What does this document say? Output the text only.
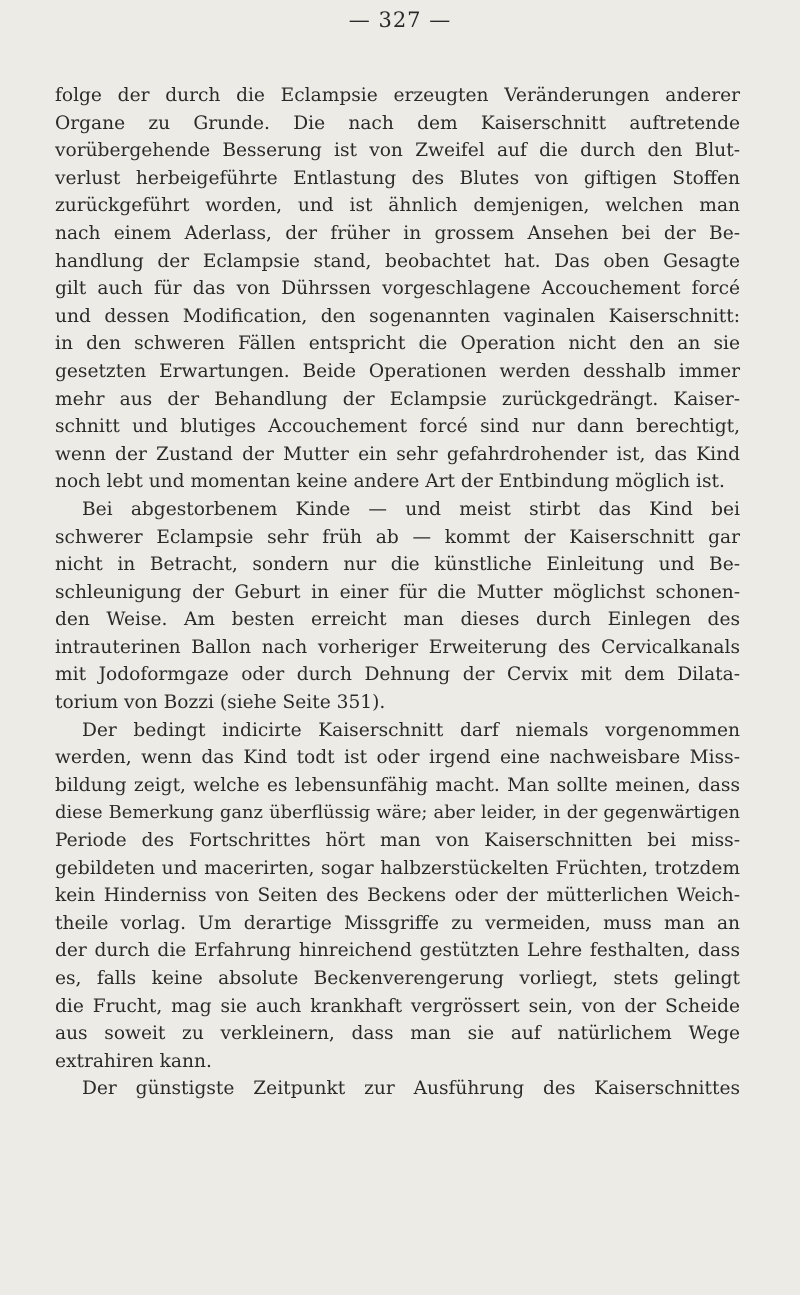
— 327 —
folge der durch die Eclampsie erzeugten Veränderungen anderer
Organe zu Grunde. Die nach dem Kaiserschnitt auftretende
vorübergehende Besserung ist von Zweifel auf die durch den Blut-
verlust herbeigeführte Entlastung des Blutes von giftigen Stoffen
zurückgeführt worden, und ist ähnlich demjenigen, welchen man
nach einem Aderlass, der früher in grossem Ansehen bei der Be-
handlung der Eclampsie stand, beobachtet hat. Das oben Gesagte
gilt auch für das von Dührssen vorgeschlagene Accouchement forcé
und dessen Modification, den sogenannten vaginalen Kaiserschnitt:
in den schweren Fällen entspricht die Operation nicht den an sie
gesetzten Erwartungen. Beide Operationen werden desshalb immer
mehr aus der Behandlung der Eclampsie zurückgedrängt. Kaiser-
schnitt und blutiges Accouchement forcé sind nur dann berechtigt,
wenn der Zustand der Mutter ein sehr gefahrdrohender ist, das Kind
noch lebt und momentan keine andere Art der Entbindung möglich ist.
Bei abgestorbenem Kinde — und meist stirbt das Kind bei
schwerer Eclampsie sehr früh ab — kommt der Kaiserschnitt gar
nicht in Betracht, sondern nur die künstliche Einleitung und Be-
schleunigung der Geburt in einer für die Mutter möglichst schonen-
den Weise. Am besten erreicht man dieses durch Einlegen des
intrauterinen Ballon nach vorheriger Erweiterung des Cervicalkanals
mit Jodoformgaze oder durch Dehnung der Cervix mit dem Dilata-
torium von Bozzi (siehe Seite 351).
Der bedingt indicirte Kaiserschnitt darf niemals vorgenommen
werden, wenn das Kind todt ist oder irgend eine nachweisbare Miss-
bildung zeigt, welche es lebensunfähig macht. Man sollte meinen, dass
diese Bemerkung ganz überflüssig wäre; aber leider, in der gegenwärtigen
Periode des Fortschrittes hört man von Kaiserschnitten bei miss-
gebildeten und macerirten, sogar halbzerstückelten Früchten, trotzdem
kein Hinderniss von Seiten des Beckens oder der mütterlichen Weich-
theile vorlag. Um derartige Missgriffe zu vermeiden, muss man an
der durch die Erfahrung hinreichend gestützten Lehre festhalten, dass
es, falls keine absolute Beckenverengerung vorliegt, stets gelingt
die Frucht, mag sie auch krankhaft vergrössert sein, von der Scheide
aus soweit zu verkleinern, dass man sie auf natürlichem Wege
extrahiren kann.
Der günstigste Zeitpunkt zur Ausführung des Kaiserschnittes
